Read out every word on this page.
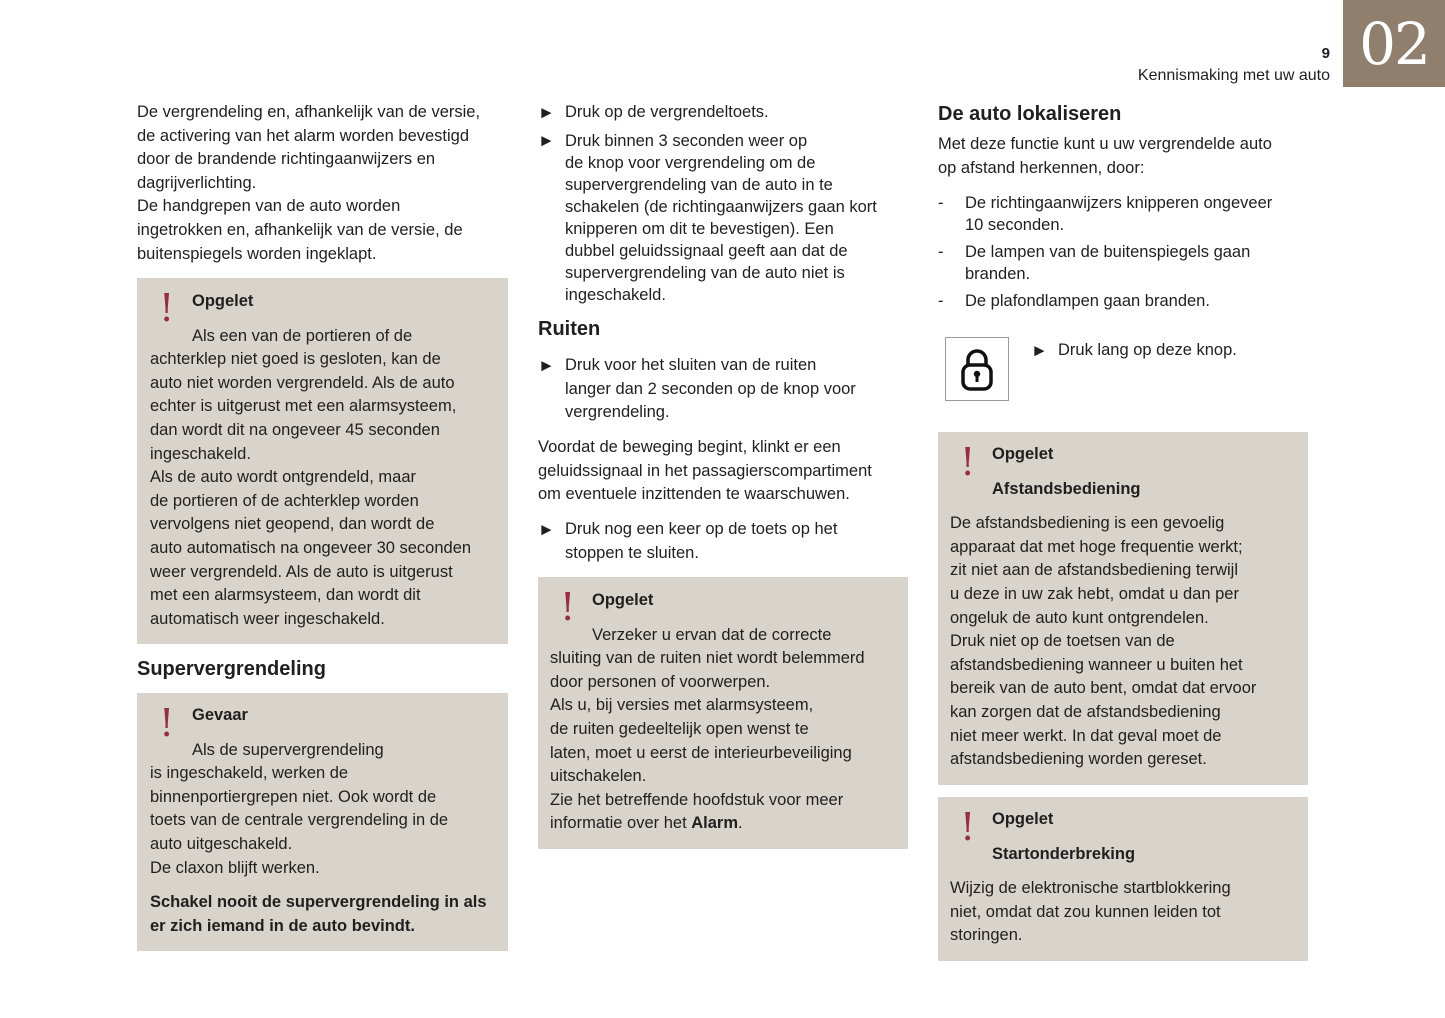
02
9
Kennismaking met uw auto

De vergrendeling en, afhankelijk van de versie,

de activering van het alarm worden bevestigd

door de brandende richtingaanwijzers en

dagrijverlichting.

De handgrepen van de auto worden

ingetrokken en, afhankelijk van de versie, de

buitenspiegels worden ingeklapt.

!	Opgelet
Als een van de portieren of de

achterklep niet goed is gesloten, kan de

auto niet worden vergrendeld. Als de auto

echter is uitgerust met een alarmsysteem,

dan wordt dit na ongeveer 45 seconden

ingeschakeld.

Als de auto wordt ontgrendeld, maar

de portieren of de achterklep worden

vervolgens niet geopend, dan wordt de

auto automatisch na ongeveer 30 seconden

weer vergrendeld. Als de auto is uitgerust

met een alarmsysteem, dan wordt dit

automatisch weer ingeschakeld.

Supervergrendeling
!	Gevaar
Als de supervergrendeling

is ingeschakeld, werken de

binnenportiergrepen niet. Ook wordt de

toets van de centrale vergrendeling in de

auto uitgeschakeld.

De claxon blijft werken.

Schakel nooit de supervergrendeling in als

er zich iemand in de auto bevindt.

► Druk op de vergrendeltoets.

► Druk binnen 3 seconden weer op

de knop voor vergrendeling om de

supervergrendeling van de auto in te

schakelen (de richtingaanwijzers gaan kort

knipperen om dit te bevestigen). Een

dubbel geluidssignaal geeft aan dat de

supervergrendeling van de auto niet is

ingeschakeld.

Ruiten
► Druk voor het sluiten van de ruiten

langer dan 2 seconden op de knop voor

vergrendeling.

Voordat de beweging begint, klinkt er een

geluidssignaal in het passagierscompartiment

om eventuele inzittenden te waarschuwen.

► Druk nog een keer op de toets op het

stoppen te sluiten.

!	Opgelet
Verzeker u ervan dat de correcte

sluiting van de ruiten niet wordt belemmerd

door personen of voorwerpen.

Als u, bij versies met alarmsysteem,

de ruiten gedeeltelijk open wenst te

laten, moet u eerst de interieurbeveiliging

uitschakelen.

Zie het betreffende hoofdstuk voor meer

informatie over het Alarm.

De auto lokaliseren

Met deze functie kunt u uw vergrendelde auto

op afstand herkennen, door:

- De richtingaanwijzers knipperen ongeveer

10 seconden.

- De lampen van de buitenspiegels gaan

branden.

- De plafondlampen gaan branden.

► Druk lang op deze knop.

!	Opgelet
Afstandsbediening

De afstandsbediening is een gevoelig

apparaat dat met hoge frequentie werkt;

zit niet aan de afstandsbediening terwijl

u deze in uw zak hebt, omdat u dan per

ongeluk de auto kunt ontgrendelen.

Druk niet op de toetsen van de

afstandsbediening wanneer u buiten het

bereik van de auto bent, omdat dat ervoor

kan zorgen dat de afstandsbediening

niet meer werkt. In dat geval moet de

afstandsbediening worden gereset.

!	Opgelet
Startonderbreking

Wijzig de elektronische startblokkering

niet, omdat dat zou kunnen leiden tot

storingen.
